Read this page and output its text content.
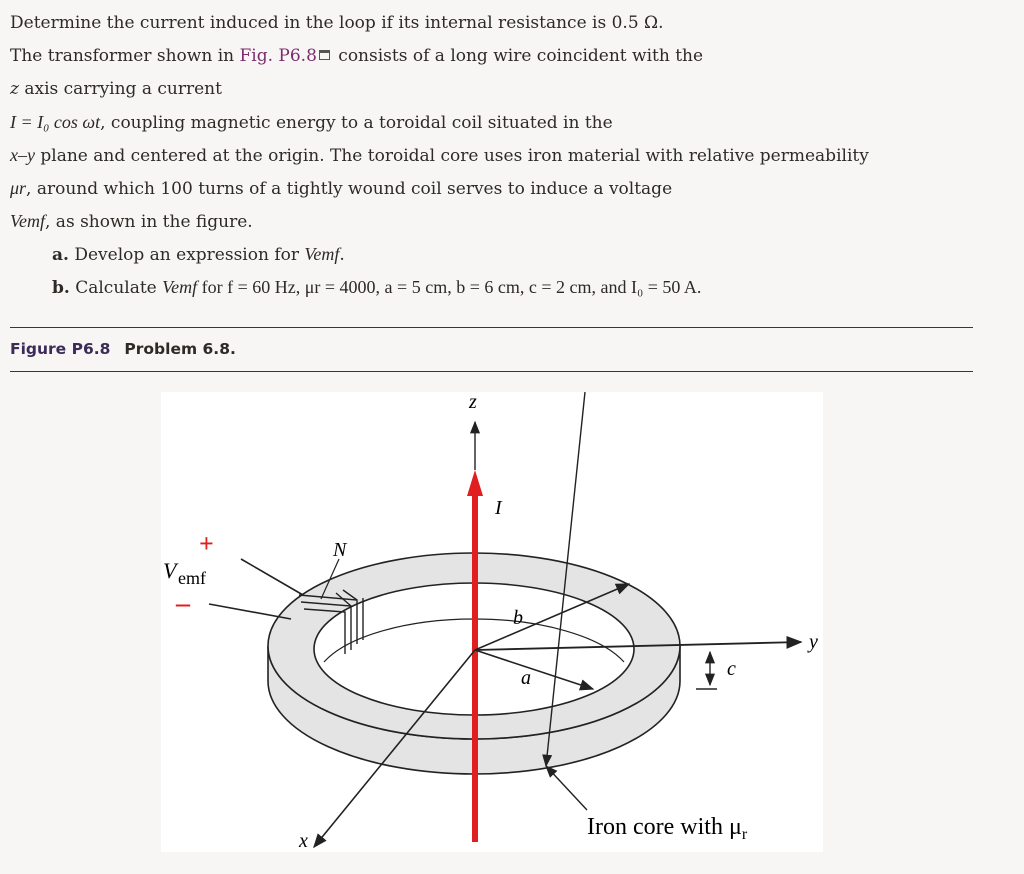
Determine the current induced in the loop if its internal resistance is 0.5 Ω.
The transformer shown in Fig. P6.8 consists of a long wire coincident with the
z axis carrying a current
I = I₀ cos ωt, coupling magnetic energy to a toroidal coil situated in the
x–y plane and centered at the origin. The toroidal core uses iron material with relative permeability
μr, around which 100 turns of a tightly wound coil serves to induce a voltage
Vemf, as shown in the figure.
a. Develop an expression for Vemf.
b. Calculate Vemf for f = 60 Hz, μr = 4000, a = 5 cm, b = 6 cm, c = 2 cm, and I₀ = 50 A.
Figure P6.8 Problem 6.8.
z
I
N
+
V emf
–	b
a
y
c
x
Iron core with $\mu_r$
